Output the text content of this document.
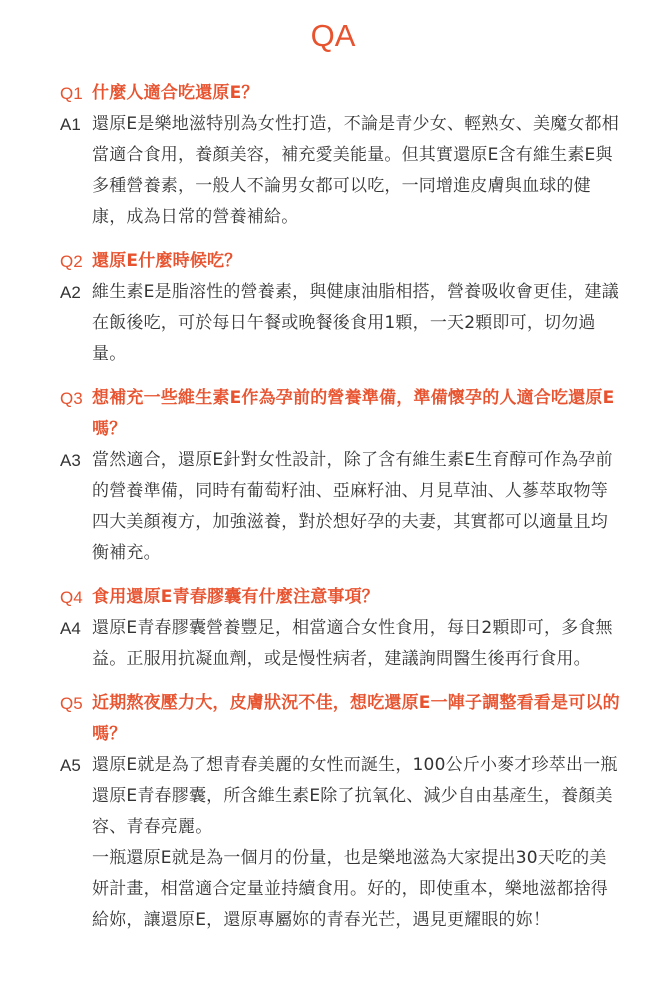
QA
Q1 什麼人適合吃還原E？
A1 還原E是樂地滋特別為女性打造，不論是青少女、輕熟女、美魔女都相當適合食用，養顏美容，補充愛美能量。但其實還原E含有維生素E與多種營養素，一般人不論男女都可以吃，一同增進皮膚與血球的健康，成為日常的營養補給。
Q2 還原E什麼時候吃？
A2 維生素E是脂溶性的營養素，與健康油脂相搭，營養吸收會更佳，建議在飯後吃，可於每日午餐或晚餐後食用1顆，一天2顆即可，切勿過量。
Q3 想補充一些維生素E作為孕前的營養準備，準備懷孕的人適合吃還原E嗎？
A3 當然適合，還原E針對女性設計，除了含有維生素E生育醇可作為孕前的營養準備，同時有葡萄籽油、亞麻籽油、月見草油、人蔘萃取物等四大美顏複方，加強滋養，對於想好孕的夫妻，其實都可以適量且均衡補充。
Q4 食用還原E青春膠囊有什麼注意事項？
A4 還原E青春膠囊營養豐足，相當適合女性食用，每日2顆即可，多食無益。正服用抗凝血劑，或是慢性病者，建議詢問醫生後再行食用。
Q5 近期熬夜壓力大，皮膚狀況不佳，想吃還原E一陣子調整看看是可以的嗎？
A5 還原E就是為了想青春美麗的女性而誕生，100公斤小麥才珍萃出一瓶還原E青春膠囊，所含維生素E除了抗氧化、減少自由基產生，養顏美容、青春亮麗。
一瓶還原E就是為一個月的份量，也是樂地滋為大家提出30天吃的美妍計畫，相當適合定量並持續食用。好的，即使重本，樂地滋都捨得給妳，讓還原E，還原專屬妳的青春光芒，遇見更耀眼的妳！
